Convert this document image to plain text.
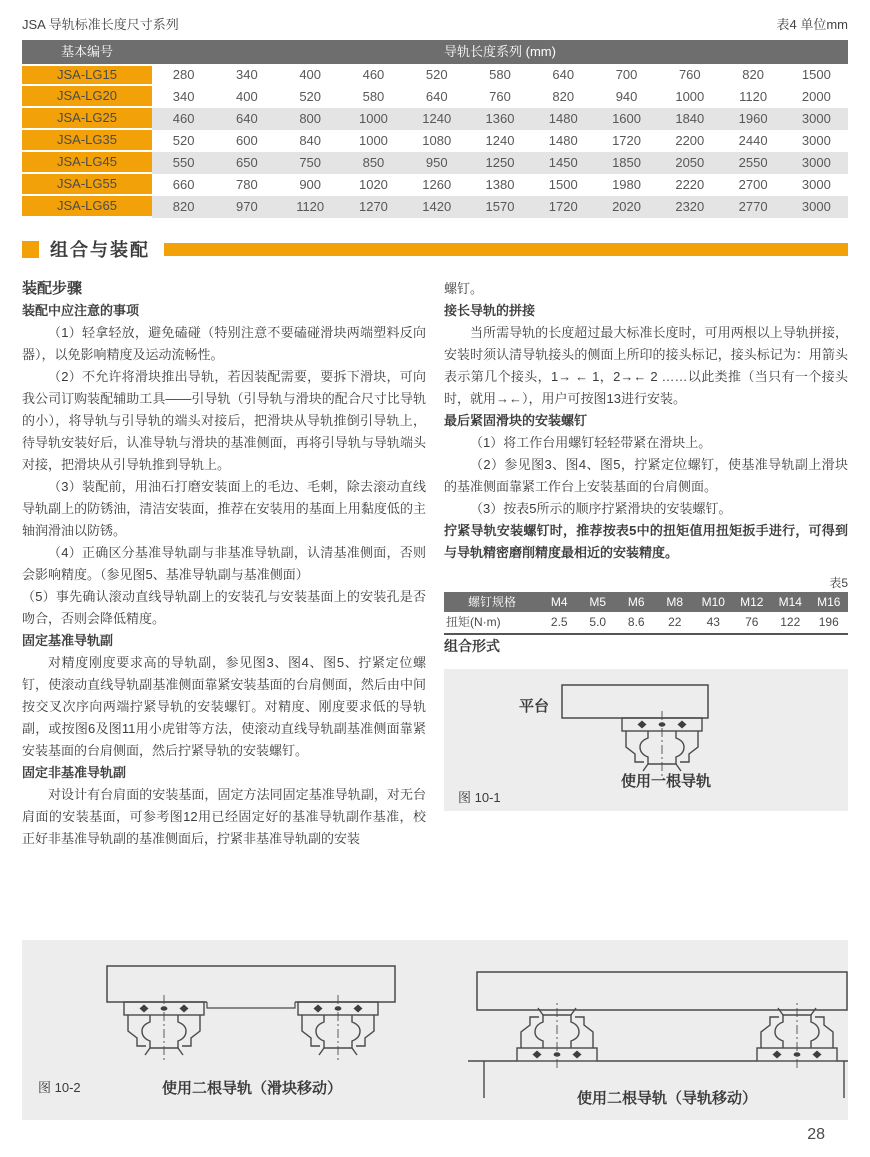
JSA 导轨标准长度尺寸系列	表4 单位mm
基本编号	导轨长度系列 (mm)
JSA-LG15	280	340	400	460	520	580	640	700	760	820	1500
JSA-LG20	340	400	520	580	640	760	820	940	1000	1120	2000
JSA-LG25	460	640	800	1000	1240	1360	1480	1600	1840	1960	3000
JSA-LG35	520	600	840	1000	1080	1240	1480	1720	2200	2440	3000
JSA-LG45	550	650	750	850	950	1250	1450	1850	2050	2550	3000
JSA-LG55	660	780	900	1020	1260	1380	1500	1980	2220	2700	3000
JSA-LG65	820	970	1120	1270	1420	1570	1720	2020	2320	2770	3000
组合与装配

装配步骤

装配中应注意的事项

（1）轻拿轻放，避免磕碰（特别注意不要磕碰滑块两端塑料反向器），以免影响精度及运动流畅性。

（2）不允许将滑块推出导轨，若因装配需要，要拆下滑块，可向我公司订购装配辅助工具——引导轨（引导轨与滑块的配合尺寸比导轨的小），将导轨与引导轨的端头对接后，把滑块从导轨推倒引导轨上，待导轨安装好后，认准导轨与滑块的基准侧面，再将引导轨与导轨端头对接，把滑块从引导轨推到导轨上。

（3）装配前，用油石打磨安装面上的毛边、毛刺，除去滚动直线导轨副上的防锈油，清洁安装面，推荐在安装用的基面上用黏度低的主轴润滑油以防锈。

（4）正确区分基准导轨副与非基准导轨副，认清基准侧面，否则会影响精度。（参见图5、基准导轨副与基准侧面）

（5）事先确认滚动直线导轨副上的安装孔与安装基面上的安装孔是否吻合，否则会降低精度。

固定基准导轨副

对精度刚度要求高的导轨副，参见图3、图4、图5、拧紧定位螺钉，使滚动直线导轨副基准侧面靠紧安装基面的台肩侧面，然后由中间按交叉次序向两端拧紧导轨的安装螺钉。对精度、刚度要求低的导轨副，或按图6及图11用小虎钳等方法，使滚动直线导轨副基准侧面靠紧安装基面的台肩侧面，然后拧紧导轨的安装螺钉。

固定非基准导轨副

对设计有台肩面的安装基面，固定方法同固定基准导轨副，对无台肩面的安装基面，可参考图12用已经固定好的基准导轨副作基准，校正好非基准导轨副的基准侧面后，拧紧非基准导轨副的安装

螺钉。

接长导轨的拼接

当所需导轨的长度超过最大标准长度时，可用两根以上导轨拼接，安装时须认清导轨接头的侧面上所印的接头标记，接头标记为：用箭头表示第几个接头，1→ ← 1，2→← 2 ……以此类推（当只有一个接头时，就用→←），用户可按图13进行安装。

最后紧固滑块的安装螺钉

（1）将工作台用螺钉轻轻带紧在滑块上。

（2）参见图3、图4、图5，拧紧定位螺钉，使基准导轨副上滑块的基准侧面靠紧工作台上安装基面的台肩侧面。

（3）按表5所示的顺序拧紧滑块的安装螺钉。

拧紧导轨安装螺钉时，推荐按表5中的扭矩值用扭矩扳手进行，可得到与导轨精密磨削精度最相近的安装精度。

表5
螺钉规格	M4	M5	M6	M8	M10	M12	M14	M16
扭矩(N·m)	2.5	5.0	8.6	22	43	76	122	196

组合形式

平台
使用一根导轨
图 10-1
图 10-2	使用二根导轨（滑块移动）
使用二根导轨（导轨移动）
28
